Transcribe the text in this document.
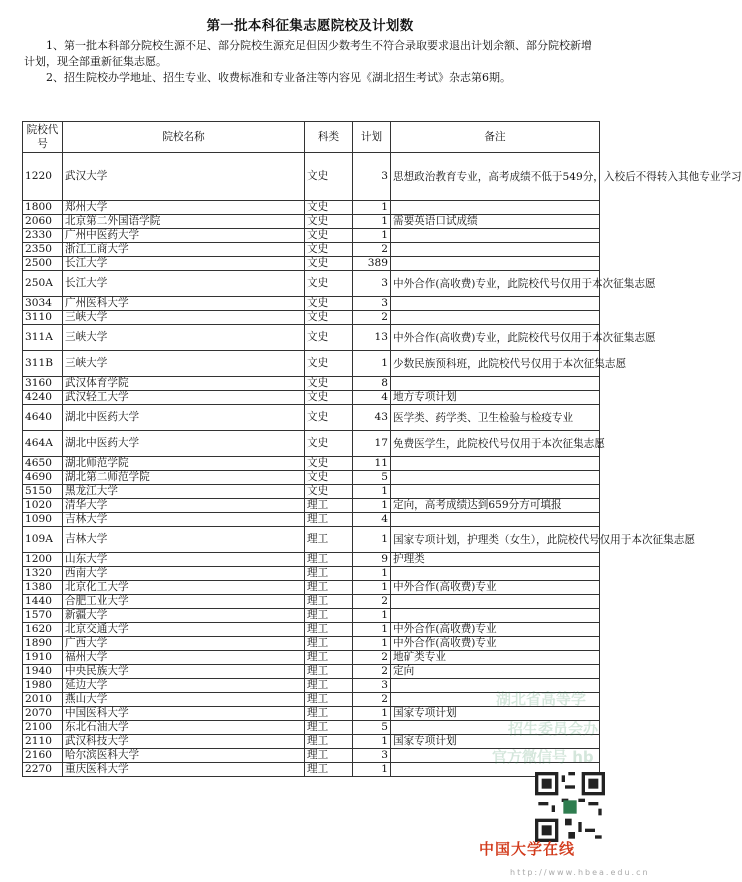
第一批本科征集志愿院校及计划数
1、第一批本科部分院校生源不足、部分院校生源充足但因少数考生不符合录取要求退出计划余额、部分院校新增计划，现全部重新征集志愿。
2、招生院校办学地址、招生专业、收费标准和专业备注等内容见《湖北招生考试》杂志第6期。
院校代号	院校名称	科类	计划	备注
1220	武汉大学	文史	3	思想政治教育专业，高考成绩不低于549分，入校后不得转入其他专业学习
1800	郑州大学	文史	1	
2060	北京第二外国语学院	文史	1	需要英语口试成绩
2330	广州中医药大学	文史	1	
2350	浙江工商大学	文史	2	
2500	长江大学	文史	389	
250A	长江大学	文史	3	中外合作(高收费)专业，此院校代号仅用于本次征集志愿
3034	广州医科大学	文史	3	
3110	三峡大学	文史	2	
311A	三峡大学	文史	13	中外合作(高收费)专业，此院校代号仅用于本次征集志愿
311B	三峡大学	文史	1	少数民族预科班，此院校代号仅用于本次征集志愿
3160	武汉体育学院	文史	8	
4240	武汉轻工大学	文史	4	地方专项计划
4640	湖北中医药大学	文史	43	医学类、药学类、卫生检验与检疫专业
464A	湖北中医药大学	文史	17	免费医学生，此院校代号仅用于本次征集志愿
4650	湖北师范学院	文史	11	
4690	湖北第二师范学院	文史	5	
5150	黑龙江大学	文史	1	
1020	清华大学	理工	1	定向，高考成绩达到659分方可填报
1090	吉林大学	理工	4	
109A	吉林大学	理工	1	国家专项计划，护理类（女生），此院校代号仅用于本次征集志愿
1200	山东大学	理工	9	护理类
1320	西南大学	理工	1	
1380	北京化工大学	理工	1	中外合作(高收费)专业
1440	合肥工业大学	理工	2	
1570	新疆大学	理工	1	
1620	北京交通大学	理工	1	中外合作(高收费)专业
1890	广西大学	理工	1	中外合作(高收费)专业
1910	福州大学	理工	2	地矿类专业
1940	中央民族大学	理工	2	定向
1980	延边大学	理工	3	
2010	燕山大学	理工	2	
2070	中国医科大学	理工	1	国家专项计划
2100	东北石油大学	理工	5	
2110	武汉科技大学	理工	1	国家专项计划
2160	哈尔滨医科大学	理工	3	
2270	重庆医科大学	理工	1	
湖北省高等学
招生委员会办
官方微信号 hb
中国大学在线
http://www.hbea.edu.cn
